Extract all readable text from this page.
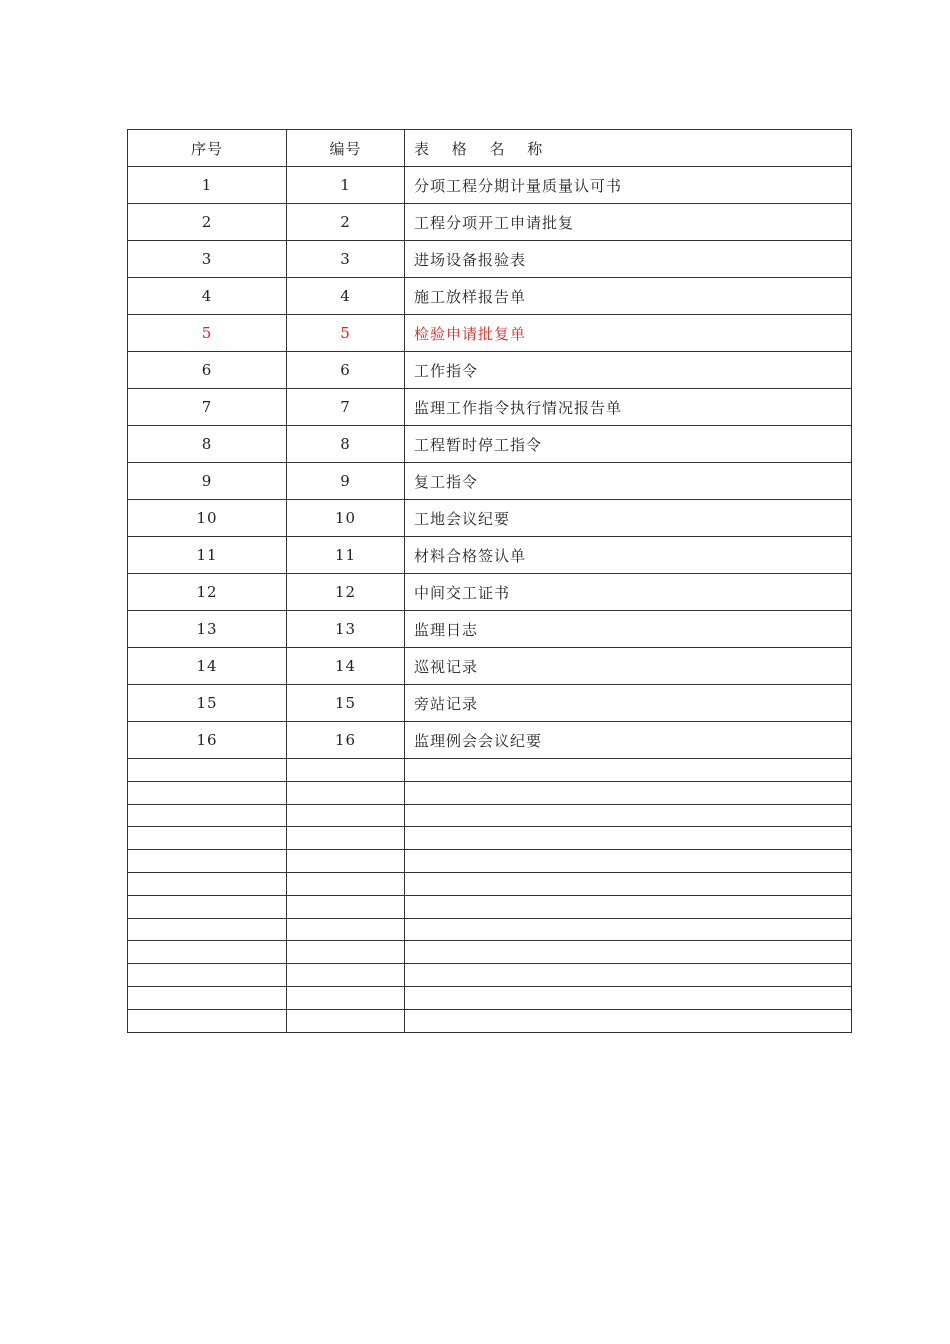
序号	编号	表 格 名 称
1	1	分项工程分期计量质量认可书
2	2	工程分项开工申请批复
3	3	进场设备报验表
4	4	施工放样报告单
5	5	检验申请批复单
6	6	工作指令
7	7	监理工作指令执行情况报告单
8	8	工程暂时停工指令
9	9	复工指令
10	10	工地会议纪要
11	11	材料合格签认单
12	12	中间交工证书
13	13	监理日志
14	14	巡视记录
15	15	旁站记录
16	16	监理例会会议纪要
